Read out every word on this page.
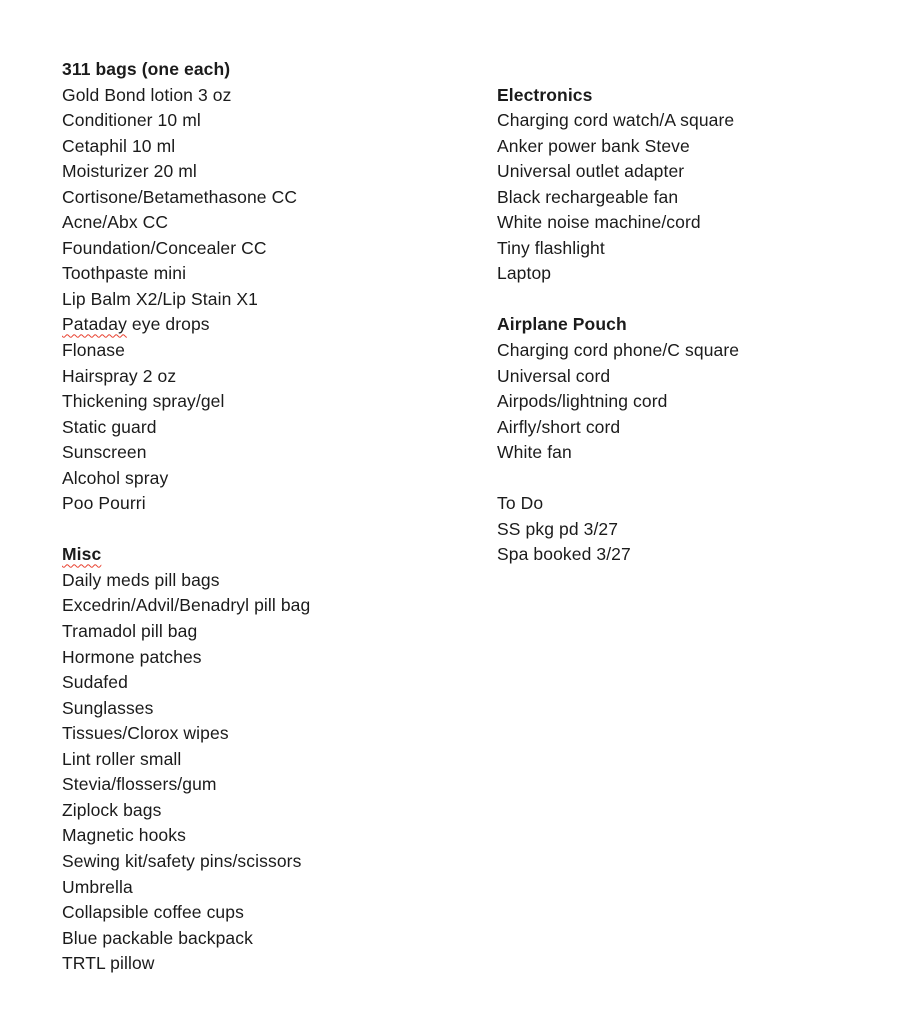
311 bags (one each)
Gold Bond lotion 3 oz
Conditioner 10 ml
Cetaphil 10 ml
Moisturizer 20 ml
Cortisone/Betamethasone CC
Acne/Abx CC
Foundation/Concealer CC
Toothpaste mini
Lip Balm X2/Lip Stain X1
Pataday eye drops
Flonase
Hairspray 2 oz
Thickening spray/gel
Static guard
Sunscreen
Alcohol spray
Poo Pourri
Misc
Daily meds pill bags
Excedrin/Advil/Benadryl pill bag
Tramadol pill bag
Hormone patches
Sudafed
Sunglasses
Tissues/Clorox wipes
Lint roller small
Stevia/flossers/gum
Ziplock bags
Magnetic hooks
Sewing kit/safety pins/scissors
Umbrella
Collapsible coffee cups
Blue packable backpack
TRTL pillow
Electronics
Charging cord watch/A square
Anker power bank Steve
Universal outlet adapter
Black rechargeable fan
White noise machine/cord
Tiny flashlight
Laptop
Airplane Pouch
Charging cord phone/C square
Universal cord
Airpods/lightning cord
Airfly/short cord
White fan
To Do
SS pkg pd 3/27
Spa booked 3/27
